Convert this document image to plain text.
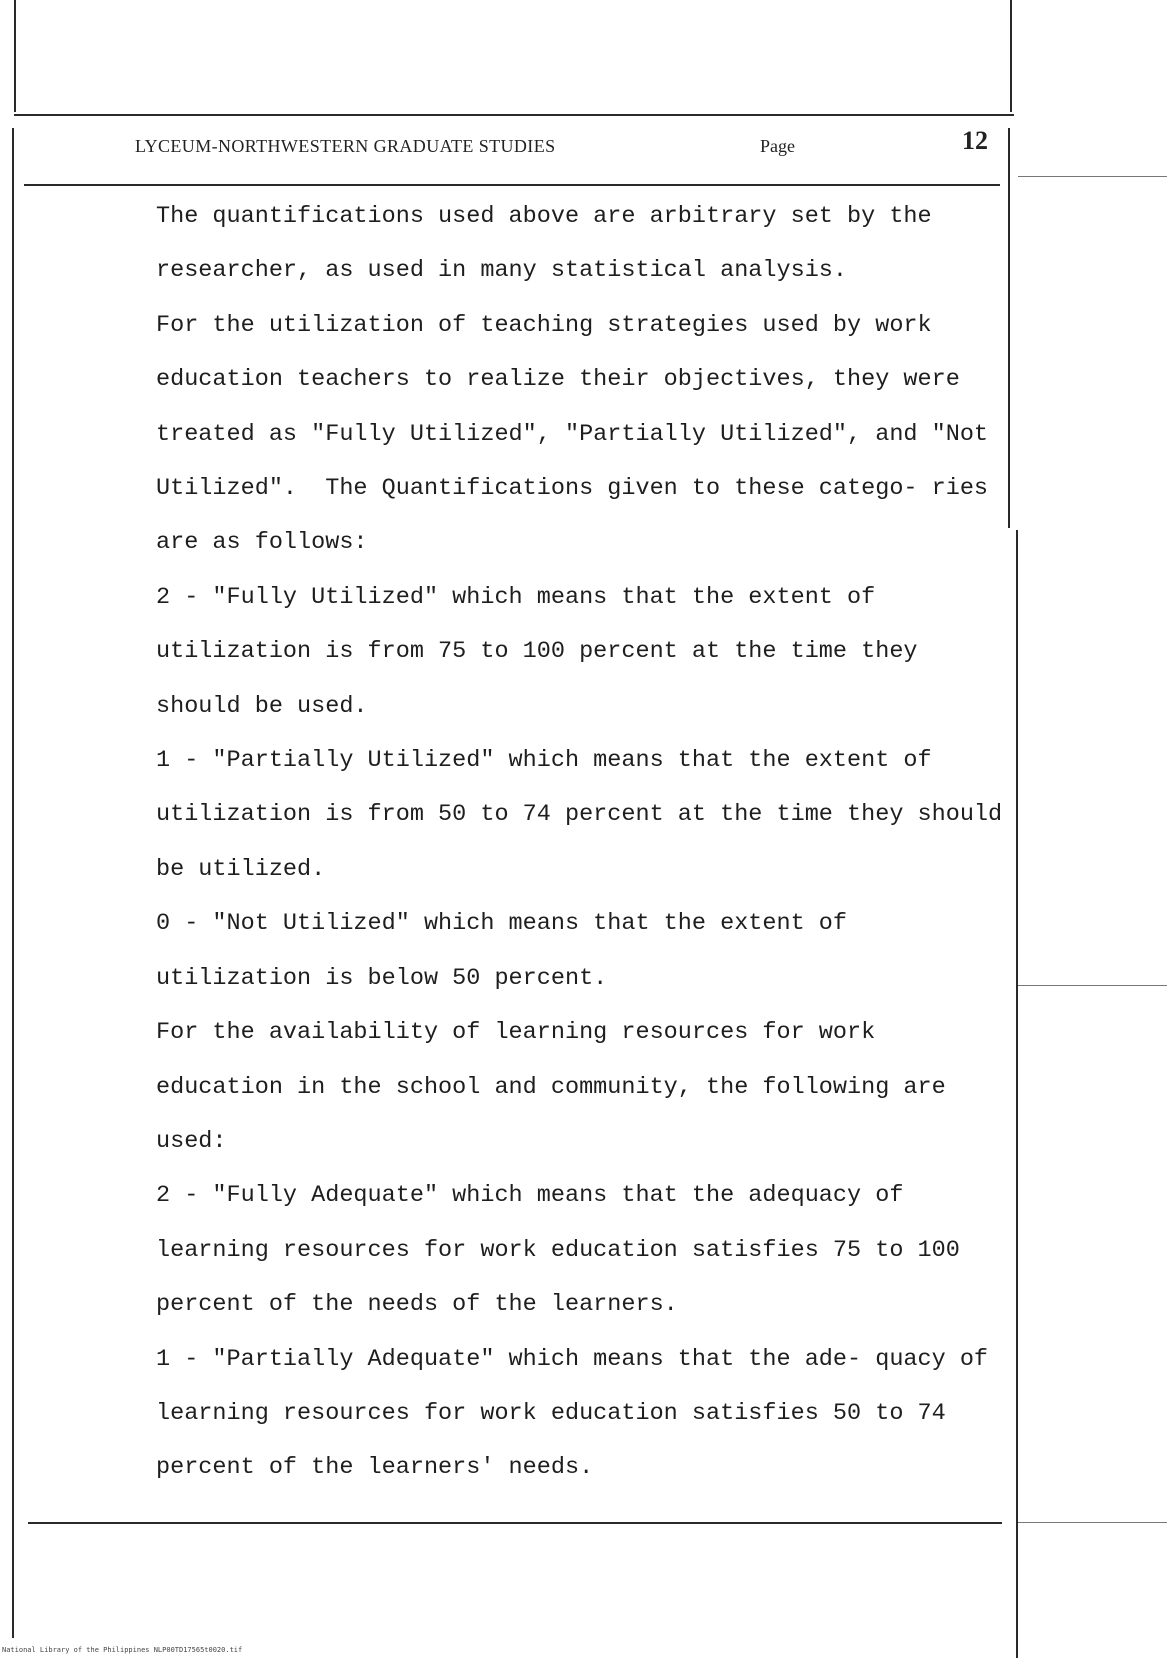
LYCEUM-NORTHWESTERN GRADUATE STUDIES	Page	12

The quantifications used above are arbitrary set by the researcher, as used in many statistical analysis.

For the utilization of teaching strategies used by work education teachers to realize their objectives, they were treated as "Fully Utilized", "Partially Utilized", and "Not Utilized".  The Quantifications given to these catego- ries are as follows:

2 - "Fully Utilized" which means that the extent of utilization is from 75 to 100 percent at the time they should be used.

1 - "Partially Utilized" which means that the extent of utilization is from 50 to 74 percent at the time they should be utilized.

0 - "Not Utilized" which means that the extent of utilization is below 50 percent.

For the availability of learning resources for work education in the school and community, the following are used:

2 - "Fully Adequate" which means that the adequacy of learning resources for work education satisfies 75 to 100 percent of the needs of the learners.

1 - "Partially Adequate" which means that the ade- quacy of learning resources for work education satisfies 50 to 74 percent of the learners' needs.

National Library of the Philippines NLP00TD17565t0020.tif
